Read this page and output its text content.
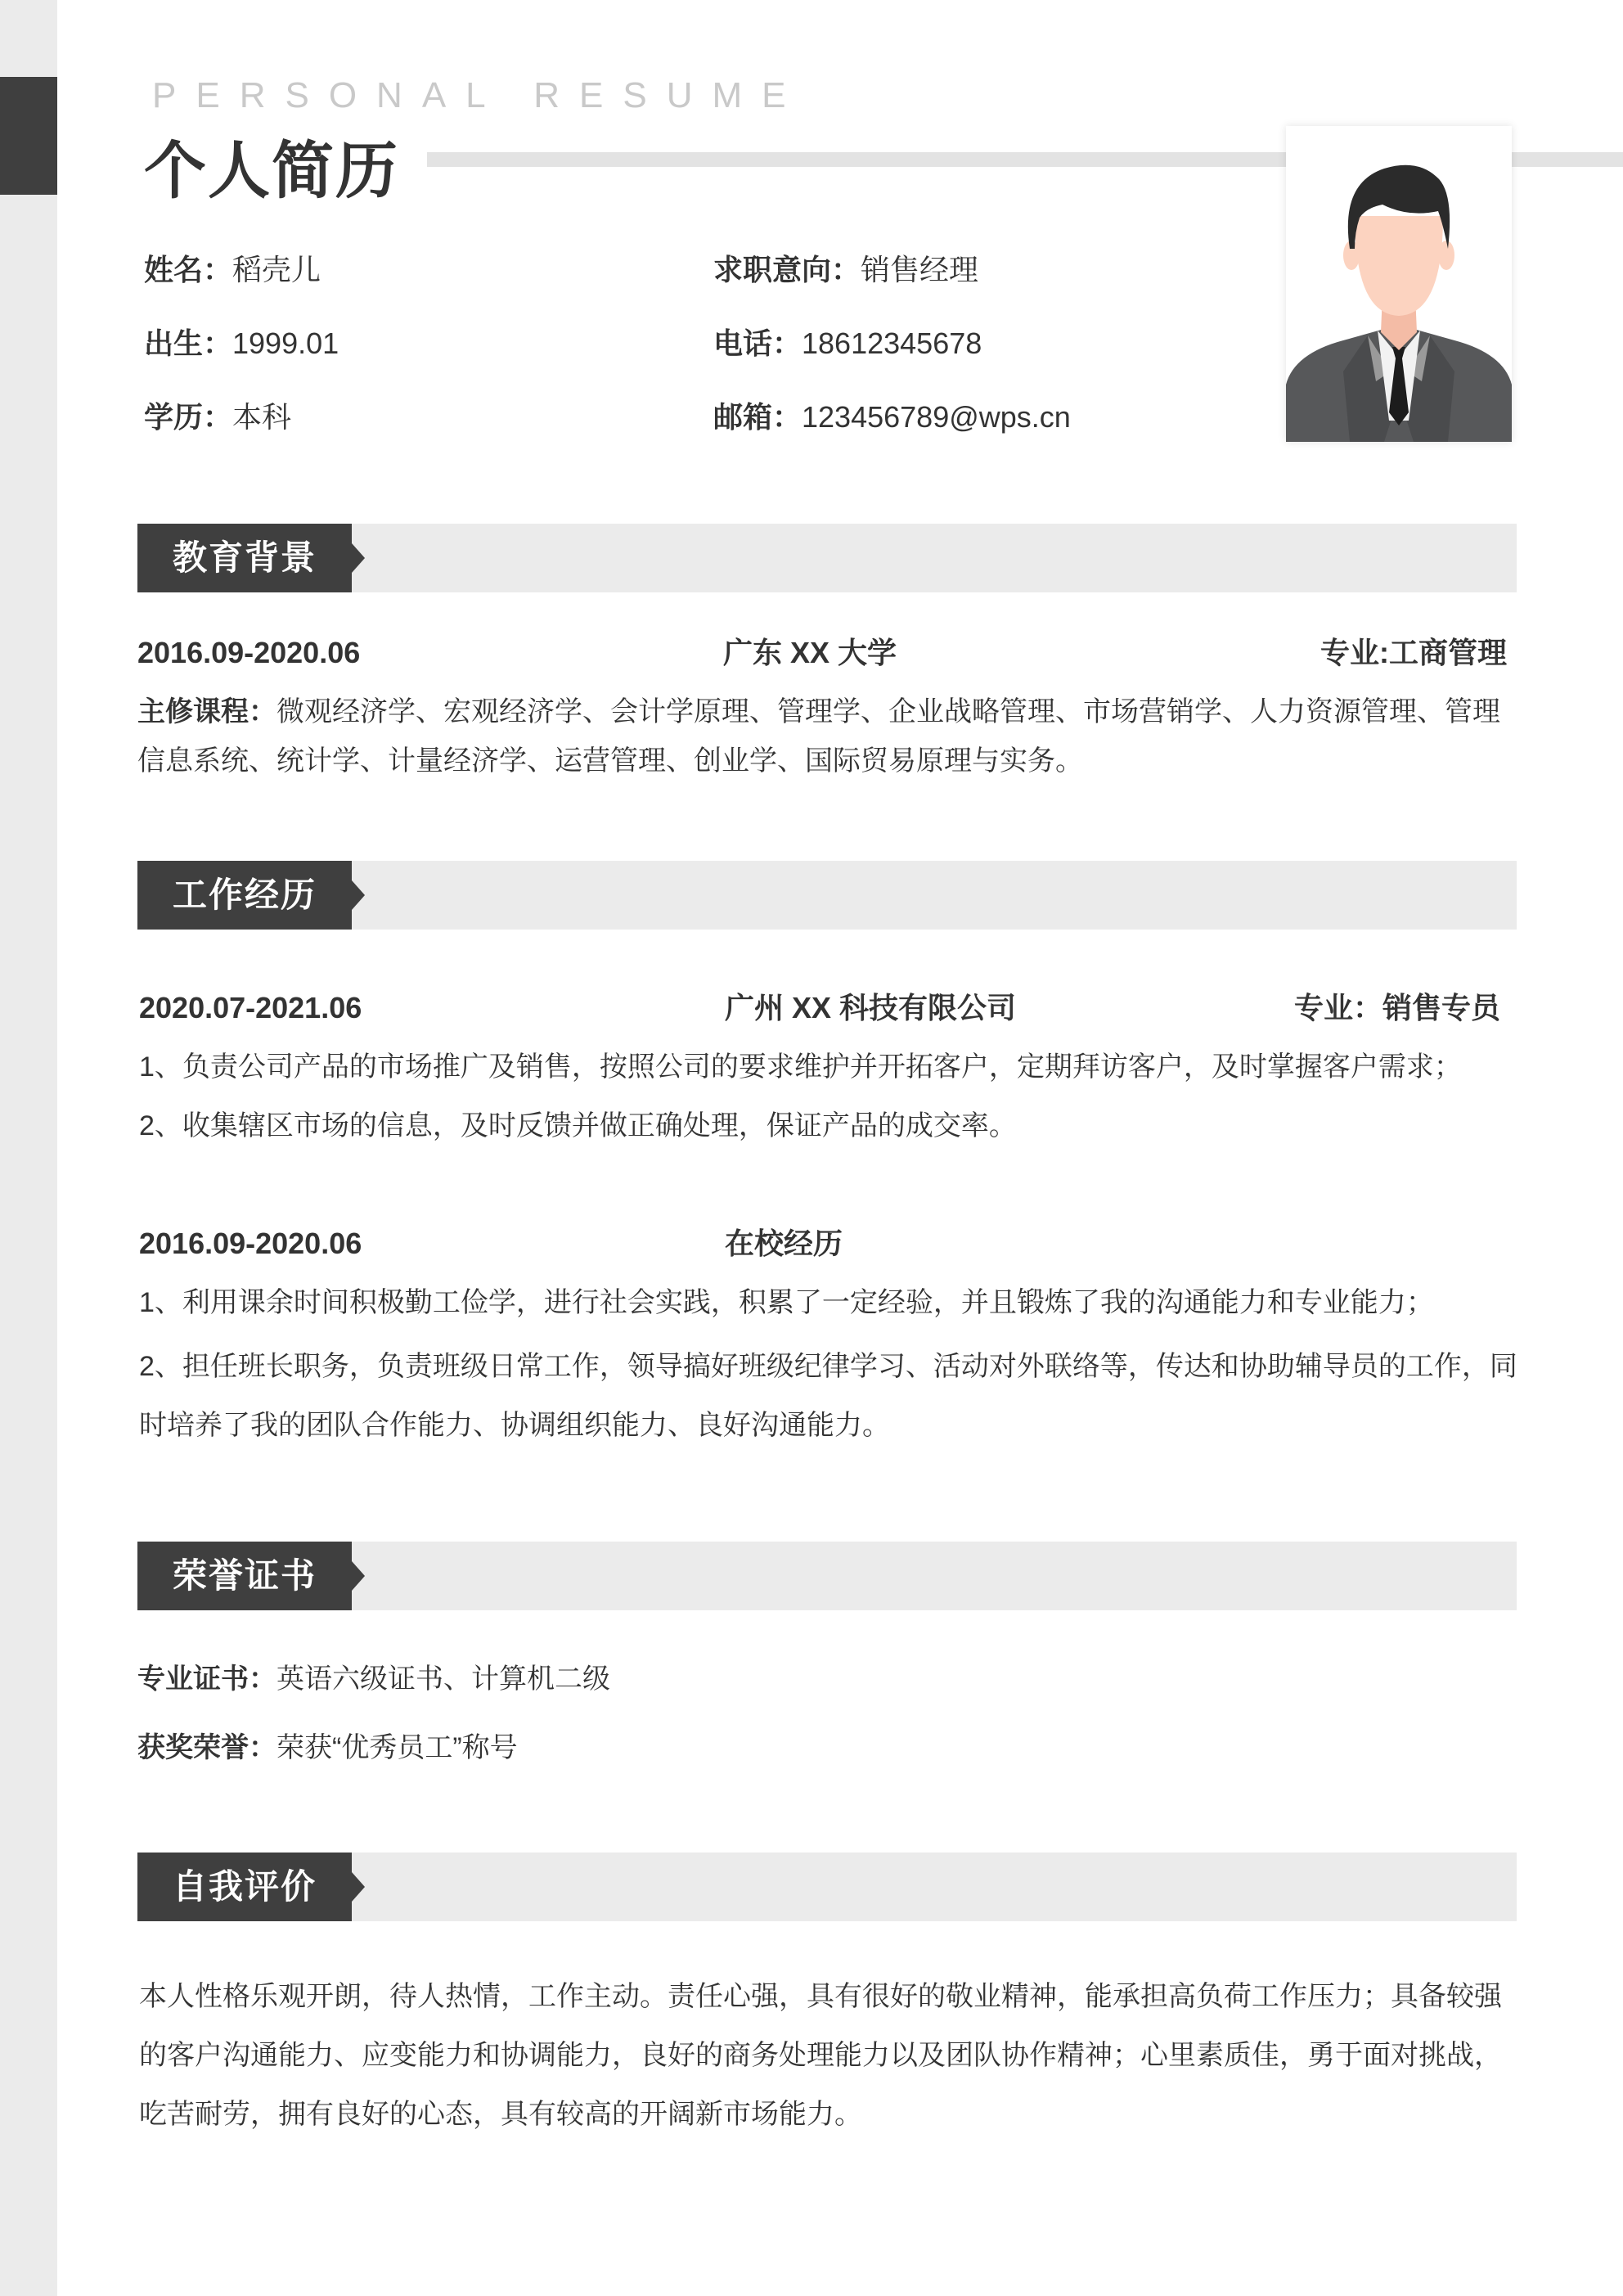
PERSONAL RESUME
个人简历
姓名：稻壳儿
出生：1999.01
学历：本科
求职意向：销售经理
电话：18612345678
邮箱：123456789@wps.cn
教育背景
2016.09-2020.06	广东 XX 大学	专业:工商管理
主修课程：微观经济学、宏观经济学、会计学原理、管理学、企业战略管理、市场营销学、人力资源管理、管理信息系统、统计学、计量经济学、运营管理、创业学、国际贸易原理与实务。
工作经历
2020.07-2021.06	广州 XX 科技有限公司	专业：销售专员
1、负责公司产品的市场推广及销售，按照公司的要求维护并开拓客户，定期拜访客户，及时掌握客户需求；
2、收集辖区市场的信息，及时反馈并做正确处理，保证产品的成交率。
2016.09-2020.06	在校经历
1、利用课余时间积极勤工俭学，进行社会实践，积累了一定经验，并且锻炼了我的沟通能力和专业能力；
2、担任班长职务，负责班级日常工作，领导搞好班级纪律学习、活动对外联络等，传达和协助辅导员的工作，同时培养了我的团队合作能力、协调组织能力、良好沟通能力。
荣誉证书
专业证书：英语六级证书、计算机二级
获奖荣誉：荣获“优秀员工”称号
自我评价
本人性格乐观开朗，待人热情，工作主动。责任心强，具有很好的敬业精神，能承担高负荷工作压力；具备较强的客户沟通能力、应变能力和协调能力，良好的商务处理能力以及团队协作精神；心里素质佳，勇于面对挑战，吃苦耐劳，拥有良好的心态，具有较高的开阔新市场能力。
